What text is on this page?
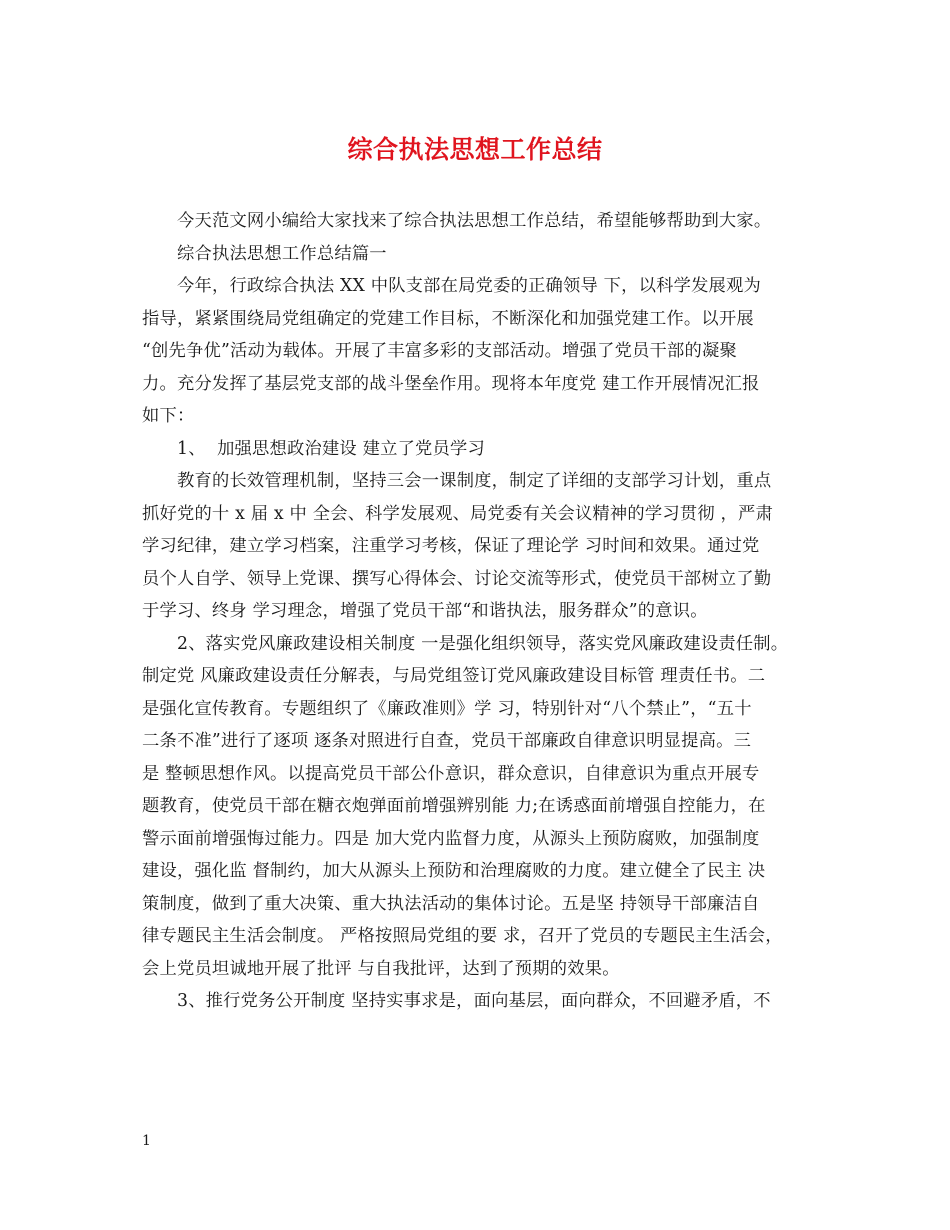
综合执法思想工作总结
今天范文网小编给大家找来了综合执法思想工作总结，希望能够帮助到大家。
综合执法思想工作总结篇一
今年，行政综合执法 XX 中队支部在局党委的正确领导 下，以科学发展观为
指导，紧紧围绕局党组确定的党建工作目标，不断深化和加强党建工作。以开展
“创先争优”活动为载体。开展了丰富多彩的支部活动。增强了党员干部的凝聚
力。充分发挥了基层党支部的战斗堡垒作用。现将本年度党 建工作开展情况汇报
如下：
1、  加强思想政治建设 建立了党员学习
教育的长效管理机制，坚持三会一课制度，制定了详细的支部学习计划，重点
抓好党的十 x 届 x 中 全会、科学发展观、局党委有关会议精神的学习贯彻 ，严肃
学习纪律，建立学习档案，注重学习考核，保证了理论学 习时间和效果。通过党
员个人自学、领导上党课、撰写心得体会、讨论交流等形式，使党员干部树立了勤
于学习、终身 学习理念，增强了党员干部“和谐执法，服务群众”的意识。
2、落实党风廉政建设相关制度 一是强化组织领导，落实党风廉政建设责任制。
制定党 风廉政建设责任分解表，与局党组签订党风廉政建设目标管 理责任书。二
是强化宣传教育。专题组织了《廉政准则》学 习，特别针对“八个禁止”，“五十
二条不准”进行了逐项 逐条对照进行自查，党员干部廉政自律意识明显提高。三
是 整顿思想作风。以提高党员干部公仆意识，群众意识，自律意识为重点开展专
题教育，使党员干部在糖衣炮弹面前增强辨别能 力;在诱惑面前增强自控能力，在
警示面前增强悔过能力。四是 加大党内监督力度，从源头上预防腐败，加强制度
建设，强化监 督制约，加大从源头上预防和治理腐败的力度。建立健全了民主 决
策制度，做到了重大决策、重大执法活动的集体讨论。五是坚 持领导干部廉洁自
律专题民主生活会制度。 严格按照局党组的要 求，召开了党员的专题民主生活会，
会上党员坦诚地开展了批评 与自我批评，达到了预期的效果。
3、推行党务公开制度 坚持实事求是，面向基层，面向群众，不回避矛盾，不
1
